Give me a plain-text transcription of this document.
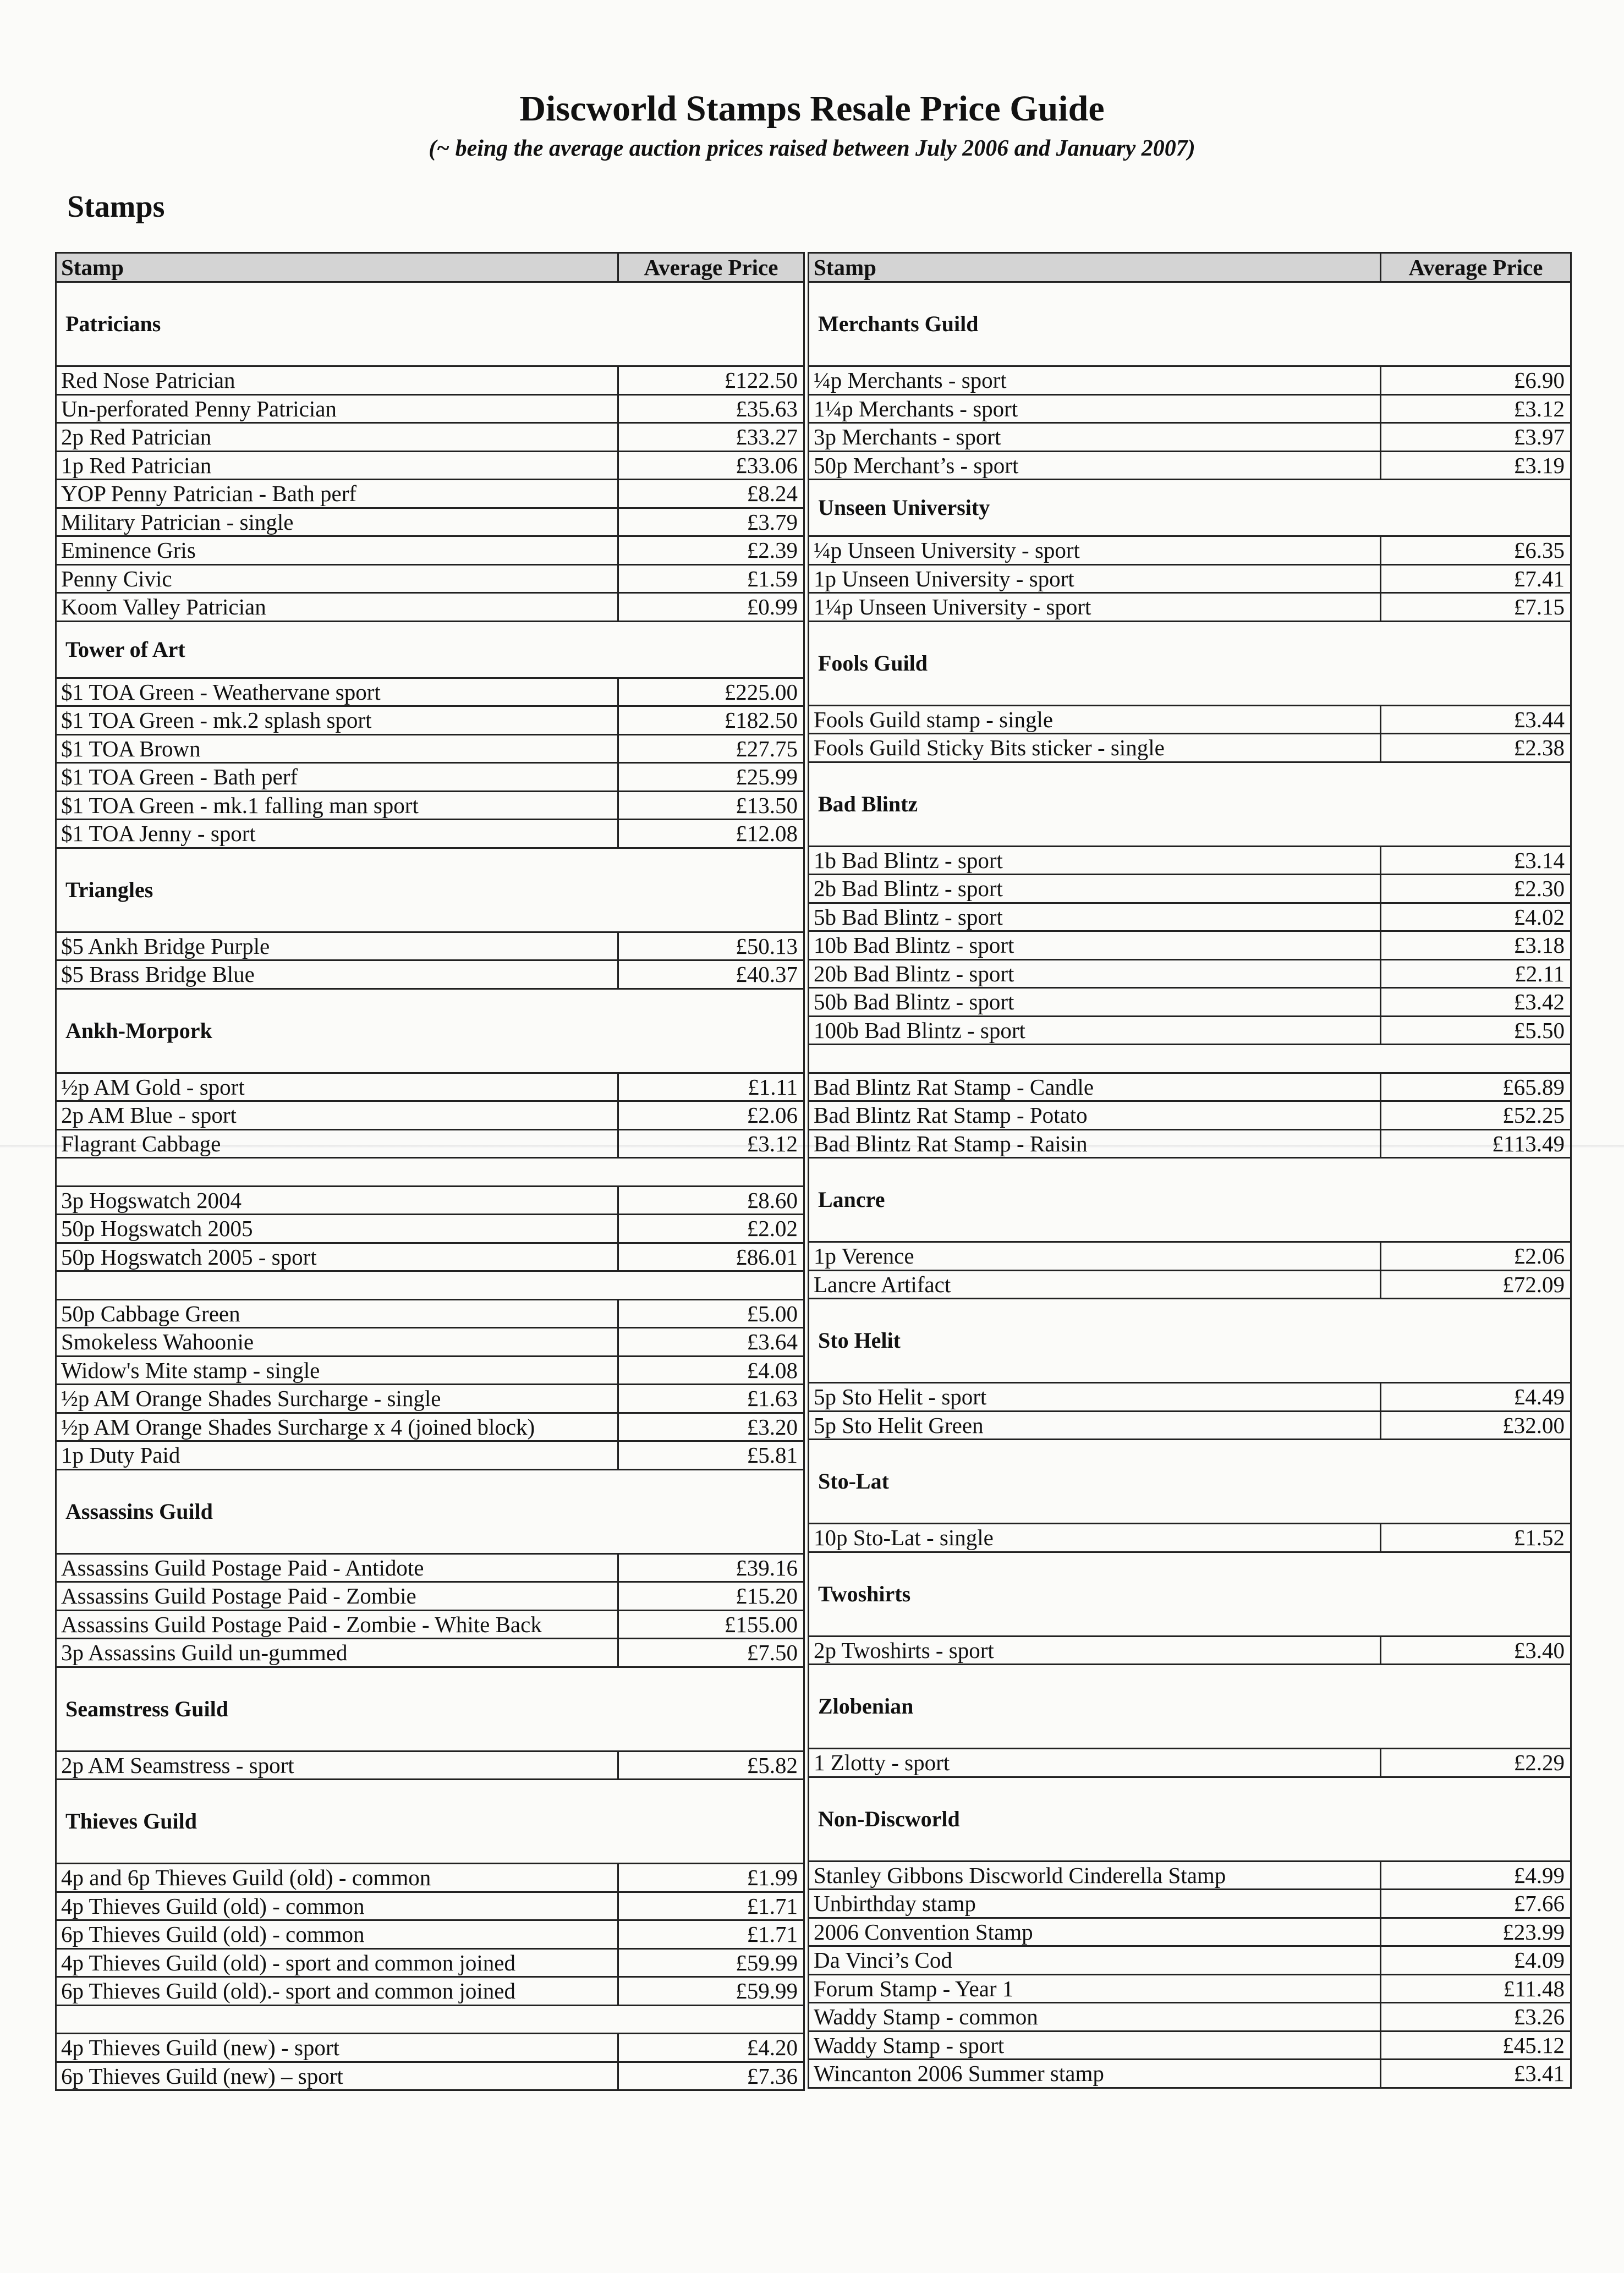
Discworld Stamps Resale Price Guide
(~ being the average auction prices raised between July 2006 and January 2007)
Stamps
Stamp	Average Price
Patricians	
Red Nose Patrician	£122.50
Un-perforated Penny Patrician	£35.63
2p Red Patrician	£33.27
1p Red Patrician	£33.06
YOP Penny Patrician - Bath perf	£8.24
Military Patrician - single	£3.79
Eminence Gris	£2.39
Penny Civic	£1.59
Koom Valley Patrician	£0.99
Tower of Art	
$1 TOA Green - Weathervane sport	£225.00
$1 TOA Green - mk.2 splash sport	£182.50
$1 TOA Brown	£27.75
$1 TOA Green - Bath perf	£25.99
$1 TOA Green - mk.1 falling man sport	£13.50
$1 TOA Jenny - sport	£12.08
Triangles	
$5 Ankh Bridge Purple	£50.13
$5 Brass Bridge Blue	£40.37
Ankh-Morpork	
½p AM Gold - sport	£1.11
2p AM Blue - sport	£2.06
Flagrant Cabbage	£3.12

3p Hogswatch 2004	£8.60
50p Hogswatch 2005	£2.02
50p Hogswatch 2005 - sport	£86.01

50p Cabbage Green	£5.00
Smokeless Wahoonie	£3.64
Widow's Mite stamp - single	£4.08
½p AM Orange Shades Surcharge - single	£1.63
½p AM Orange Shades Surcharge x 4 (joined block)	£3.20
1p Duty Paid	£5.81
Assassins Guild	
Assassins Guild Postage Paid - Antidote	£39.16
Assassins Guild Postage Paid - Zombie	£15.20
Assassins Guild Postage Paid - Zombie - White Back	£155.00
3p Assassins Guild un-gummed	£7.50
Seamstress Guild	
2p AM Seamstress - sport	£5.82
Thieves Guild	
4p and 6p Thieves Guild (old) - common	£1.99
4p Thieves Guild (old) - common	£1.71
6p Thieves Guild (old) - common	£1.71
4p Thieves Guild (old) - sport and common joined	£59.99
6p Thieves Guild (old).- sport and common joined	£59.99

4p Thieves Guild (new) - sport	£4.20
6p Thieves Guild (new) – sport	£7.36
Stamp	Average Price
Merchants Guild	
¼p Merchants - sport	£6.90
1¼p Merchants - sport	£3.12
3p Merchants - sport	£3.97
50p Merchant’s - sport	£3.19
Unseen University	
¼p Unseen University - sport	£6.35
1p Unseen University - sport	£7.41
1¼p Unseen University - sport	£7.15
Fools Guild	
Fools Guild stamp - single	£3.44
Fools Guild Sticky Bits sticker - single	£2.38
Bad Blintz	
1b Bad Blintz - sport	£3.14
2b Bad Blintz - sport	£2.30
5b Bad Blintz - sport	£4.02
10b Bad Blintz - sport	£3.18
20b Bad Blintz - sport	£2.11
50b Bad Blintz - sport	£3.42
100b Bad Blintz - sport	£5.50

Bad Blintz Rat Stamp - Candle	£65.89
Bad Blintz Rat Stamp - Potato	£52.25
Bad Blintz Rat Stamp - Raisin	£113.49
Lancre	
1p Verence	£2.06
Lancre Artifact	£72.09
Sto Helit	
5p Sto Helit - sport	£4.49
5p Sto Helit Green	£32.00
Sto-Lat	
10p Sto-Lat - single	£1.52
Twoshirts	
2p Twoshirts - sport	£3.40
Zlobenian	
1 Zlotty - sport	£2.29
Non-Discworld	
Stanley Gibbons Discworld Cinderella Stamp	£4.99
Unbirthday stamp	£7.66
2006 Convention Stamp	£23.99
Da Vinci’s Cod	£4.09
Forum Stamp - Year 1	£11.48
Waddy Stamp - common	£3.26
Waddy Stamp - sport	£45.12
Wincanton 2006 Summer stamp	£3.41
